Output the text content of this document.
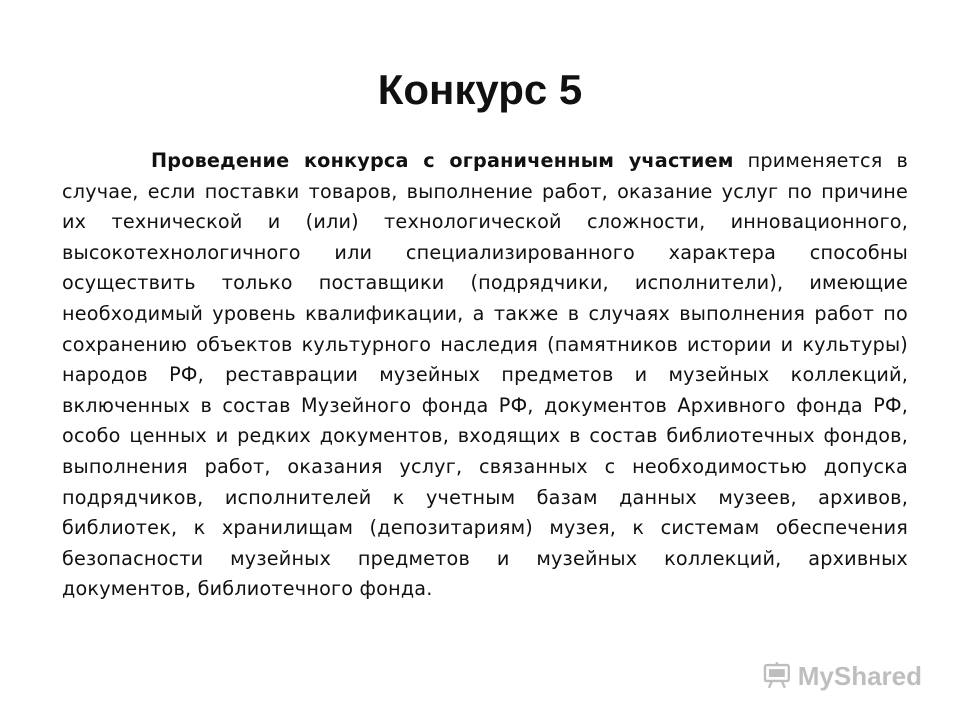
Конкурс 5

Проведение конкурса с ограниченным участием применяется в случае, если поставки товаров, выполнение работ, оказание услуг по причине их технической и (или) технологической сложности, инновационного, высокотехнологичного или специализированного характера способны осуществить только поставщики (подрядчики, исполнители), имеющие необходимый уровень квалификации, а также в случаях выполнения работ по сохранению объектов культурного наследия (памятников истории и культуры) народов РФ, реставрации музейных предметов и музейных коллекций, включенных в состав Музейного фонда РФ, документов Архивного фонда РФ, особо ценных и редких документов, входящих в состав библиотечных фондов, выполнения работ, оказания услуг, связанных с необходимостью допуска подрядчиков, исполнителей к учетным базам данных музеев, архивов, библиотек, к хранилищам (депозитариям) музея, к системам обеспечения безопасности музейных предметов и музейных коллекций, архивных документов, библиотечного фонда.

MyShared
